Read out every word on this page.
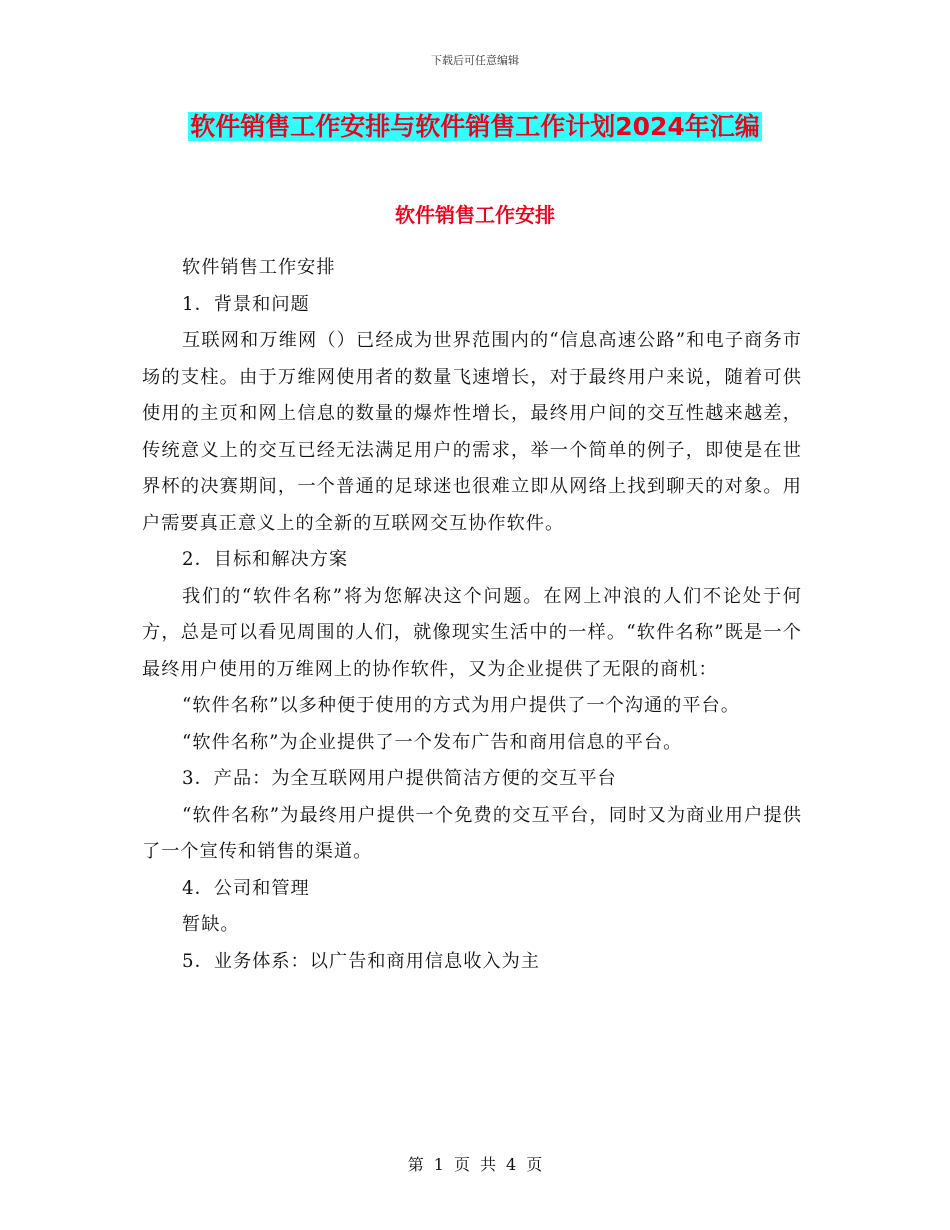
下载后可任意编辑
软件销售工作安排与软件销售工作计划2024年汇编
软件销售工作安排

软件销售工作安排

1．背景和问题

互联网和万维网（）已经成为世界范围内的“信息高速公路”和电子商务市场的支柱。由于万维网使用者的数量飞速增长，对于最终用户来说，随着可供使用的主页和网上信息的数量的爆炸性增长，最终用户间的交互性越来越差，传统意义上的交互已经无法满足用户的需求，举一个简单的例子，即使是在世界杯的决赛期间，一个普通的足球迷也很难立即从网络上找到聊天的对象。用户需要真正意义上的全新的互联网交互协作软件。

2．目标和解决方案

我们的“软件名称”将为您解决这个问题。在网上冲浪的人们不论处于何方，总是可以看见周围的人们，就像现实生活中的一样。“软件名称”既是一个最终用户使用的万维网上的协作软件，又为企业提供了无限的商机：

“软件名称”以多种便于使用的方式为用户提供了一个沟通的平台。

“软件名称”为企业提供了一个发布广告和商用信息的平台。

3．产品：为全互联网用户提供简洁方便的交互平台

“软件名称”为最终用户提供一个免费的交互平台，同时又为商业用户提供了一个宣传和销售的渠道。

4．公司和管理

暂缺。

5．业务体系：以广告和商用信息收入为主

第 1 页 共 4 页
